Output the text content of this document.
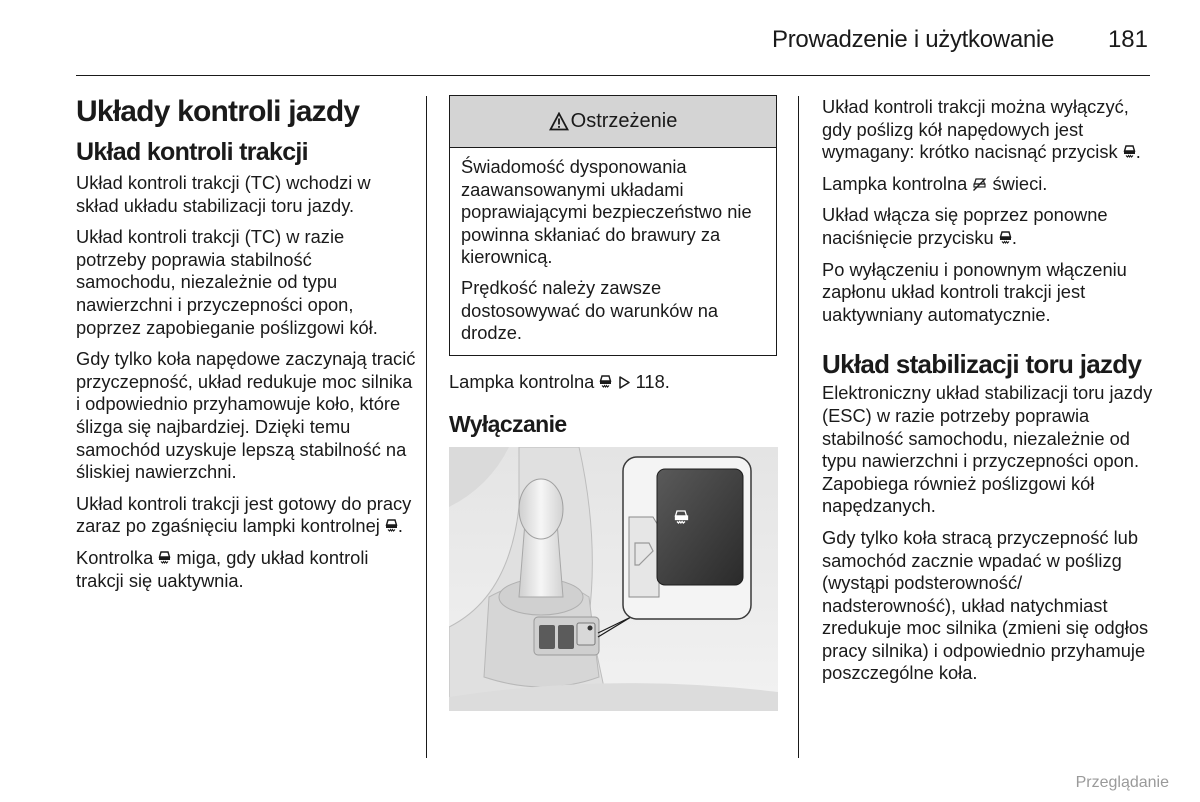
Prowadzenie i użytkowanie 181
Układy kontroli jazdy
Układ kontroli trakcji

Układ kontroli trakcji (TC) wchodzi w skład układu stabilizacji toru jazdy.

Układ kontroli trakcji (TC) w razie potrzeby poprawia stabilność samochodu, niezależnie od typu nawierzchni i przyczepności opon, poprzez zapobieganie poślizgowi kół.

Gdy tylko koła napędowe zaczynają tracić przyczepność, układ redukuje moc silnika i odpowiednio przyhamowuje koło, które ślizga się najbardziej. Dzięki temu samochód uzyskuje lepszą stabilność na śliskiej nawierzchni.

Układ kontroli trakcji jest gotowy do pracy zaraz po zgaśnięciu lampki kontrolnej .

Kontrolka miga, gdy układ kontroli trakcji się uaktywnia.

Ostrzeżenie

Świadomość dysponowania zaawansowanymi układami poprawiającymi bezpieczeństwo nie powinna skłaniać do brawury za kierownicą.

Prędkość należy zawsze dostosowywać do warunków na drodze.

Lampka kontrolna 118.

Wyłączanie

Układ kontroli trakcji można wyłączyć, gdy poślizg kół napędowych jest wymagany: krótko nacisnąć przycisk .

Lampka kontrolna świeci.

Układ włącza się poprzez ponowne naciśnięcie przycisku .

Po wyłączeniu i ponownym włączeniu zapłonu układ kontroli trakcji jest uaktywniany automatycznie.

Układ stabilizacji toru jazdy

Elektroniczny układ stabilizacji toru jazdy (ESC) w razie potrzeby poprawia stabilność samochodu, niezależnie od typu nawierzchni i przyczepności opon. Zapobiega również poślizgowi kół napędzanych.

Gdy tylko koła stracą przyczepność lub samochód zacznie wpadać w poślizg (wystąpi podsterowność/ nadsterowność), układ natychmiast zredukuje moc silnika (zmieni się odgłos pracy silnika) i odpowiednio przyhamuje poszczególne koła.

Przeglądanie
